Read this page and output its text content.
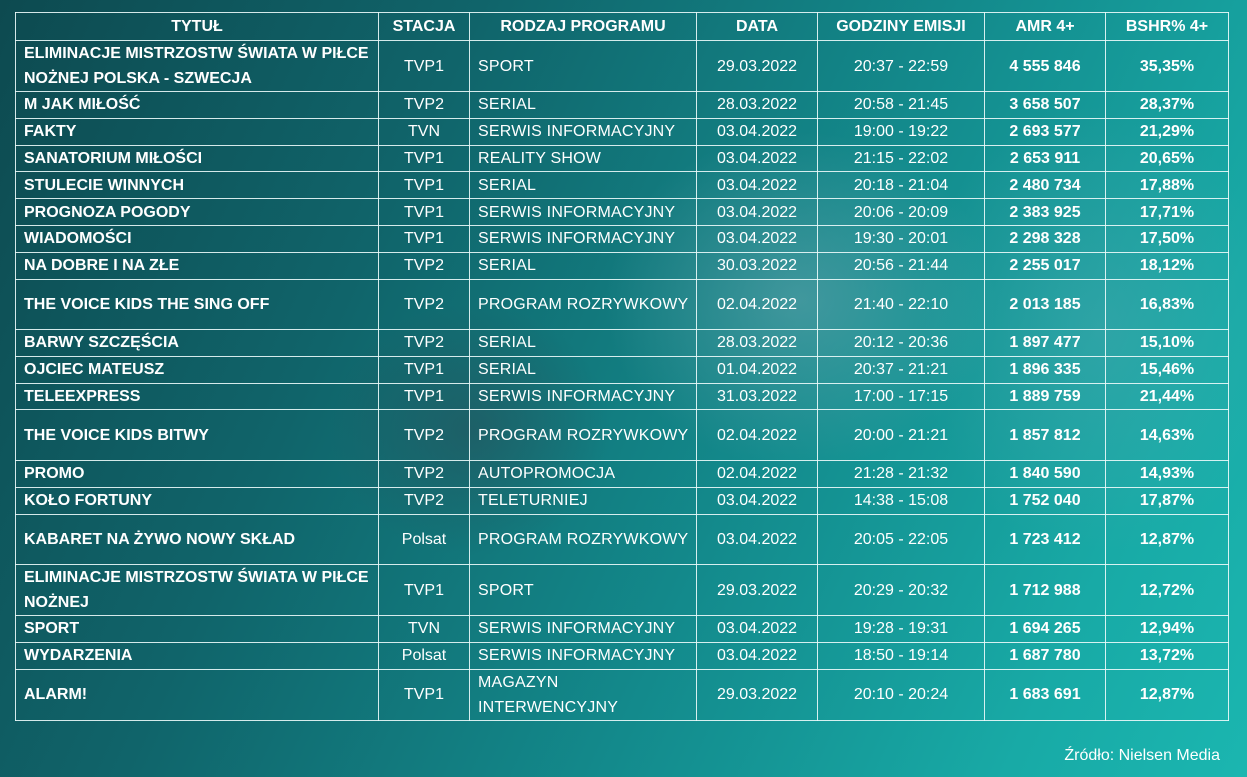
TYTUŁ	STACJA	RODZAJ PROGRAMU	DATA	GODZINY EMISJI	AMR 4+	BSHR% 4+
ELIMINACJE MISTRZOSTW ŚWIATA W PIŁCE NOŻNEJ POLSKA - SZWECJA	TVP1	SPORT	29.03.2022	20:37 - 22:59	4 555 846	35,35%
M JAK MIŁOŚĆ	TVP2	SERIAL	28.03.2022	20:58 - 21:45	3 658 507	28,37%
FAKTY	TVN	SERWIS INFORMACYJNY	03.04.2022	19:00 - 19:22	2 693 577	21,29%
SANATORIUM MIŁOŚCI	TVP1	REALITY SHOW	03.04.2022	21:15 - 22:02	2 653 911	20,65%
STULECIE WINNYCH	TVP1	SERIAL	03.04.2022	20:18 - 21:04	2 480 734	17,88%
PROGNOZA POGODY	TVP1	SERWIS INFORMACYJNY	03.04.2022	20:06 - 20:09	2 383 925	17,71%
WIADOMOŚCI	TVP1	SERWIS INFORMACYJNY	03.04.2022	19:30 - 20:01	2 298 328	17,50%
NA DOBRE I NA ZŁE	TVP2	SERIAL	30.03.2022	20:56 - 21:44	2 255 017	18,12%
THE VOICE KIDS THE SING OFF	TVP2	PROGRAM ROZRYWKOWY	02.04.2022	21:40 - 22:10	2 013 185	16,83%
BARWY SZCZĘŚCIA	TVP2	SERIAL	28.03.2022	20:12 - 20:36	1 897 477	15,10%
OJCIEC MATEUSZ	TVP1	SERIAL	01.04.2022	20:37 - 21:21	1 896 335	15,46%
TELEEXPRESS	TVP1	SERWIS INFORMACYJNY	31.03.2022	17:00 - 17:15	1 889 759	21,44%
THE VOICE KIDS BITWY	TVP2	PROGRAM ROZRYWKOWY	02.04.2022	20:00 - 21:21	1 857 812	14,63%
PROMO	TVP2	AUTOPROMOCJA	02.04.2022	21:28 - 21:32	1 840 590	14,93%
KOŁO FORTUNY	TVP2	TELETURNIEJ	03.04.2022	14:38 - 15:08	1 752 040	17,87%
KABARET NA ŻYWO NOWY SKŁAD	Polsat	PROGRAM ROZRYWKOWY	03.04.2022	20:05 - 22:05	1 723 412	12,87%
ELIMINACJE MISTRZOSTW ŚWIATA W PIŁCE NOŻNEJ	TVP1	SPORT	29.03.2022	20:29 - 20:32	1 712 988	12,72%
SPORT	TVN	SERWIS INFORMACYJNY	03.04.2022	19:28 - 19:31	1 694 265	12,94%
WYDARZENIA	Polsat	SERWIS INFORMACYJNY	03.04.2022	18:50 - 19:14	1 687 780	13,72%
ALARM!	TVP1	MAGAZYN INTERWENCYJNY	29.03.2022	20:10 - 20:24	1 683 691	12,87%
Źródło: Nielsen Media
